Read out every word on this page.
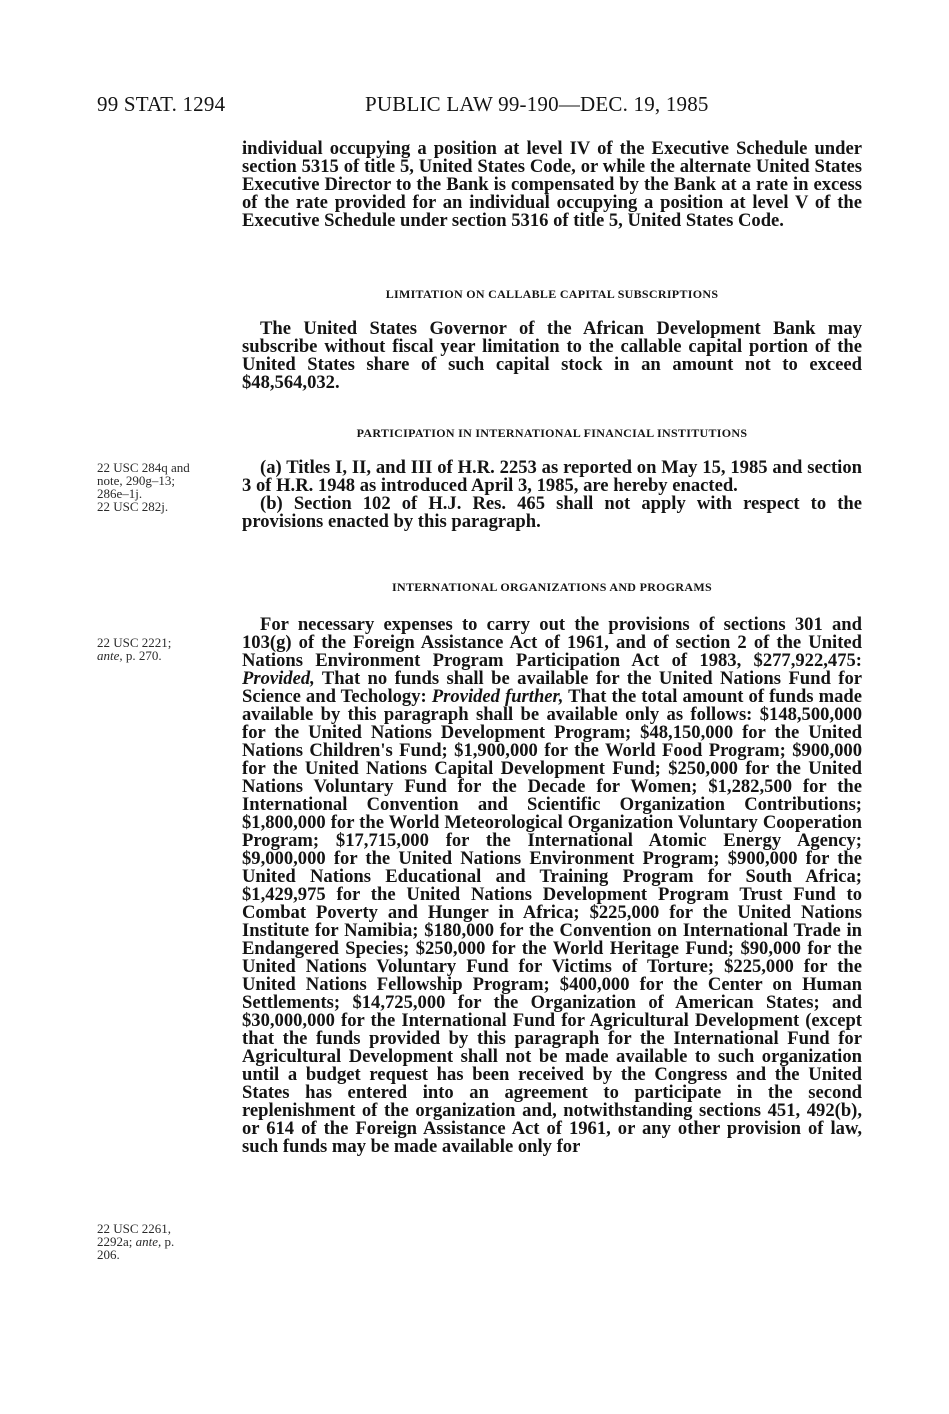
99 STAT. 1294	PUBLIC LAW 99-190—DEC. 19, 1985

individual occupying a position at level IV of the Executive Schedule under section 5315 of title 5, United States Code, or while the alternate United States Executive Director to the Bank is compensated by the Bank at a rate in excess of the rate provided for an individual occupying a position at level V of the Executive Schedule under section 5316 of title 5, United States Code.

LIMITATION ON CALLABLE CAPITAL SUBSCRIPTIONS

The United States Governor of the African Development Bank may subscribe without fiscal year limitation to the callable capital portion of the United States share of such capital stock in an amount not to exceed $48,564,032.

PARTICIPATION IN INTERNATIONAL FINANCIAL INSTITUTIONS
22 USC 284q and
note, 290g–13;
286e–1j.
22 USC 282j.

(a) Titles I, II, and III of H.R. 2253 as reported on May 15, 1985 and section 3 of H.R. 1948 as introduced April 3, 1985, are hereby enacted.

(b) Section 102 of H.J. Res. 465 shall not apply with respect to the provisions enacted by this paragraph.

INTERNATIONAL ORGANIZATIONS AND PROGRAMS
22 USC 2221;
ante, p. 270.
22 USC 2261,
2292a; ante, p.
206.

For necessary expenses to carry out the provisions of sections 301 and 103(g) of the Foreign Assistance Act of 1961, and of section 2 of the United Nations Environment Program Participation Act of 1983, $277,922,475: Provided, That no funds shall be available for the United Nations Fund for Science and Techology: Provided further, That the total amount of funds made available by this paragraph shall be available only as follows: $148,500,000 for the United Nations Development Program; $48,150,000 for the United Nations Children's Fund; $1,900,000 for the World Food Program; $900,000 for the United Nations Capital Development Fund; $250,000 for the United Nations Voluntary Fund for the Decade for Women; $1,282,500 for the International Convention and Scientific Organization Contributions; $1,800,000 for the World Meteorological Organization Voluntary Cooperation Program; $17,715,000 for the International Atomic Energy Agency; $9,000,000 for the United Nations Environment Program; $900,000 for the United Nations Educational and Training Program for South Africa; $1,429,975 for the United Nations Development Program Trust Fund to Combat Poverty and Hunger in Africa; $225,000 for the United Nations Institute for Namibia; $180,000 for the Convention on International Trade in Endangered Species; $250,000 for the World Heritage Fund; $90,000 for the United Nations Voluntary Fund for Victims of Torture; $225,000 for the United Nations Fellowship Program; $400,000 for the Center on Human Settlements; $14,725,000 for the Organization of American States; and $30,000,000 for the International Fund for Agricultural Development (except that the funds provided by this paragraph for the International Fund for Agricultural Development shall not be made available to such organization until a budget request has been received by the Congress and the United States has entered into an agreement to participate in the second replenishment of the organization and, notwithstanding sections 451, 492(b), or 614 of the Foreign Assistance Act of 1961, or any other provision of law, such funds may be made available only for
